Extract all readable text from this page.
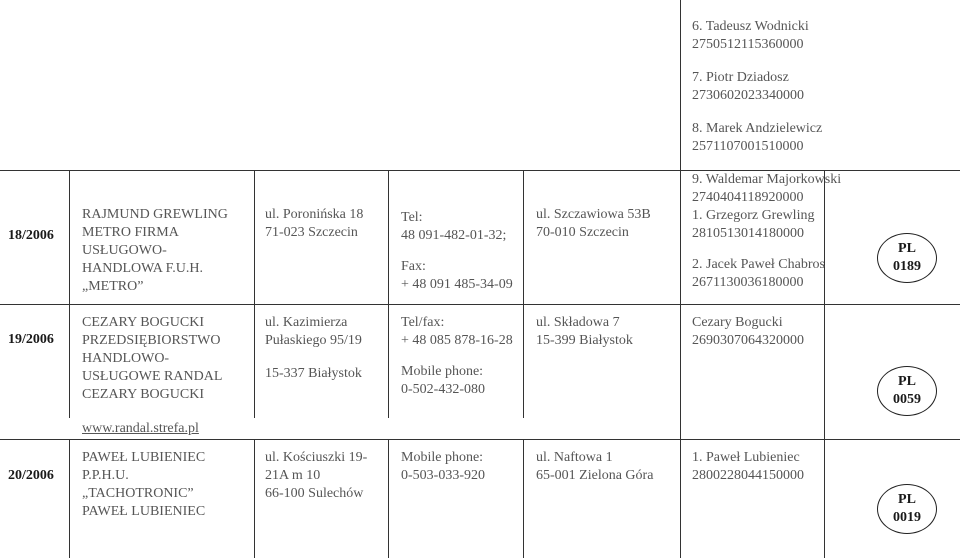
6. Tadeusz Wodnicki
2750512115360000
7. Piotr Dziadosz
2730602023340000
8. Marek Andzielewicz
2571107001510000
9. Waldemar Majorkowski
2740404118920000
18/2006
RAJMUND GREWLING
METRO FIRMA
USŁUGOWO-
HANDLOWA F.U.H.
„METRO”
ul. Poronińska 18
71-023 Szczecin
Tel:
48 091-482-01-32;
Fax:
+ 48 091 485-34-09
ul. Szczawiowa 53B
70-010 Szczecin
1. Grzegorz Grewling
2810513014180000
2. Jacek Paweł Chabros
2671130036180000
PL
0189
19/2006
CEZARY BOGUCKI
PRZEDSIĘBIORSTWO
HANDLOWO-
USŁUGOWE RANDAL
CEZARY BOGUCKI
www.randal.strefa.pl
ul. Kazimierza
Pułaskiego 95/19
15-337 Białystok
Tel/fax:
+ 48 085 878-16-28
Mobile phone:
0-502-432-080
ul. Składowa 7
15-399 Białystok
Cezary Bogucki
2690307064320000
PL
0059
20/2006
PAWEŁ LUBIENIEC
P.P.H.U.
„TACHOTRONIC”
PAWEŁ LUBIENIEC
ul. Kościuszki 19-
21A m 10
66-100 Sulechów
Mobile phone:
0-503-033-920
ul. Naftowa 1
65-001 Zielona Góra
1. Paweł Lubieniec
2800228044150000
PL
0019
